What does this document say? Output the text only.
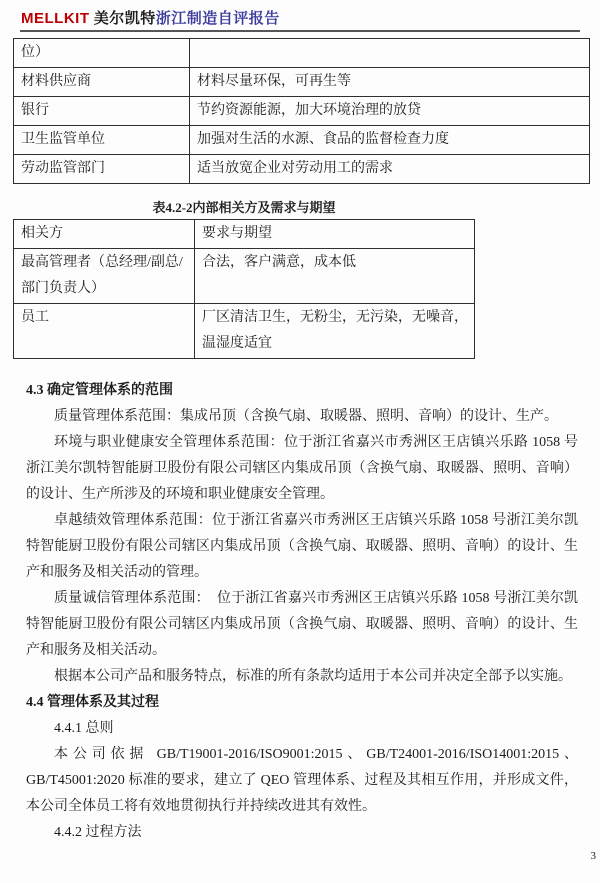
MELLKIT 美尔凯特浙江制造自评报告
位）	
材料供应商	材料尽量环保，可再生等
银行	节约资源能源，加大环境治理的放贷
卫生监管单位	加强对生活的水源、食品的监督检查力度
劳动监管部门	适当放宽企业对劳动用工的需求
表4.2-2内部相关方及需求与期望
相关方	要求与期望
最高管理者（总经理/副总/部门负责人）	合法，客户满意，成本低
员工	厂区清洁卫生，无粉尘，无污染，无噪音，温湿度适宜
4.3 确定管理体系的范围

质量管理体系范围：集成吊顶（含换气扇、取暖器、照明、音响）的设计、生产。

环境与职业健康安全管理体系范围：位于浙江省嘉兴市秀洲区王店镇兴乐路 1058 号浙江美尔凯特智能厨卫股份有限公司辖区内集成吊顶（含换气扇、取暖器、照明、音响）的设计、生产所涉及的环境和职业健康安全管理。

卓越绩效管理体系范围：位于浙江省嘉兴市秀洲区王店镇兴乐路 1058 号浙江美尔凯特智能厨卫股份有限公司辖区内集成吊顶（含换气扇、取暖器、照明、音响）的设计、生产和服务及相关活动的管理。

质量诚信管理体系范围：　位于浙江省嘉兴市秀洲区王店镇兴乐路 1058 号浙江美尔凯特智能厨卫股份有限公司辖区内集成吊顶（含换气扇、取暖器、照明、音响）的设计、生产和服务及相关活动。

根据本公司产品和服务特点，标准的所有条款均适用于本公司并决定全部予以实施。

4.4 管理体系及其过程
4.4.1 总则

本公司依据 GB/T19001-2016/ISO9001:2015、GB/T24001-2016/ISO14001:2015、GB/T45001:2020 标准的要求，建立了 QEO 管理体系、过程及其相互作用，并形成文件，本公司全体员工将有效地贯彻执行并持续改进其有效性。

4.4.2 过程方法
3
